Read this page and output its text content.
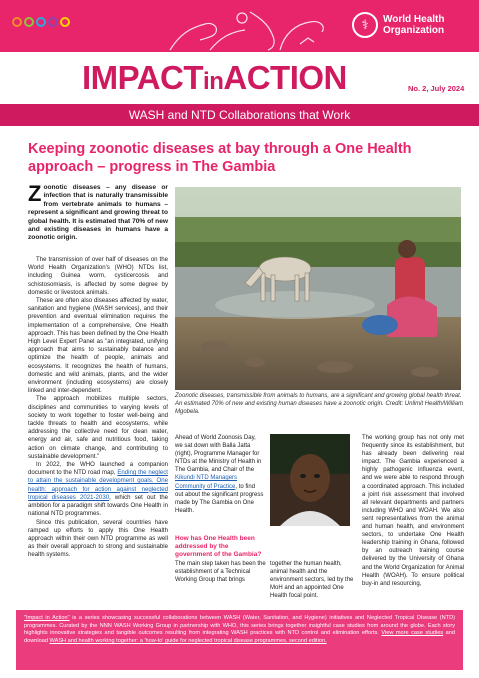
⚕	World Health
Organization
IMPACTinACTION	No. 2, July 2024
WASH and NTD Collaborations that Work
Keeping zoonotic diseases at bay through a One Health approach – progress in The Gambia
Zoonotic diseases – any disease or infection that is naturally transmissible from vertebrate animals to humans – represent a significant and growing threat to global health. It is estimated that 70% of new and existing diseases in humans have a zoonotic origin.

The transmission of over half of diseases on the World Health Organization's (WHO) NTDs list, including Guinea worm, cysticercosis and schistosomiasis, is affected by some degree by domestic or livestock animals.

These are often also diseases affected by water, sanitation and hygiene (WASH services), and their prevention and eventual elimination requires the implementation of a comprehensive, One Health approach. This has been defined by the One Health High Level Expert Panel as "an integrated, unifying approach that aims to sustainably balance and optimize the health of people, animals and ecosystems. It recognizes the health of humans, domestic and wild animals, plants, and the wider environment (including ecosystems) are closely linked and inter-dependent.

The approach mobilizes multiple sectors, disciplines and communities to varying levels of society to work together to foster well-being and tackle threats to health and ecosystems, while addressing the collective need for clean water, energy and air, safe and nutritious food, taking action on climate change, and contributing to sustainable development."

In 2022, the WHO launched a companion document to the NTD road map, Ending the neglect to attain the sustainable development goals. One health: approach for action against neglected tropical diseases 2021-2030, which set out the ambition for a paradigm shift towards One Health in national NTD programmes.

Since this publication, several countries have ramped up efforts to apply this One Health approach within their own NTD programme as well as their overall approach to strong and sustainable health systems.

Zoonotic diseases, transmissible from animals to humans, are a significant and growing global health threat. An estimated 70% of new and existing human diseases have a zoonotic origin. Credit: Unlimit Health/William Mgobela.
Ahead of World Zoonosis Day, we sat down with Balla Jatta (right), Programme Manager for NTDs at the Ministry of Health in The Gambia, and Chair of the Kikundi NTD Managers Community of Practice, to find out about the significant progress made by The Gambia on One Health.
How has One Health been addressed by the government of the Gambia?
The main step taken has been the establishment of a Technical Working Group that brings
together the human health, animal health and the environment sectors, led by the MoH and an appointed One Health focal point.
The working group has not only met frequently since its establishment, but has already been delivering real impact. The Gambia experienced a highly pathogenic influenza event, and we were able to respond through a coordinated approach. This included a joint risk assessment that involved all relevant departments and partners including WHO and WOAH. We also sent representatives from the animal and human health, and environment sectors, to undertake One Health leadership training in Ghana, followed by an outreach training course delivered by the University of Ghana and the World Organization for Animal Health (WOAH). To ensure political buy-in and resourcing,
"Impact in Action" is a series showcasing successful collaborations between WASH (Water, Sanitation, and Hygiene) initiatives and Neglected Tropical Disease (NTD) programmes. Curated by the NNN WASH Working Group in partnership with WHO, this series brings together insightful case studies from around the globe. Each story highlights innovative strategies and tangible outcomes resulting from integrating WASH practices with NTD control and elimination efforts. View more case studies and download WASH and health working together: a 'how-to' guide for neglected tropical disease programmes, second edition.
